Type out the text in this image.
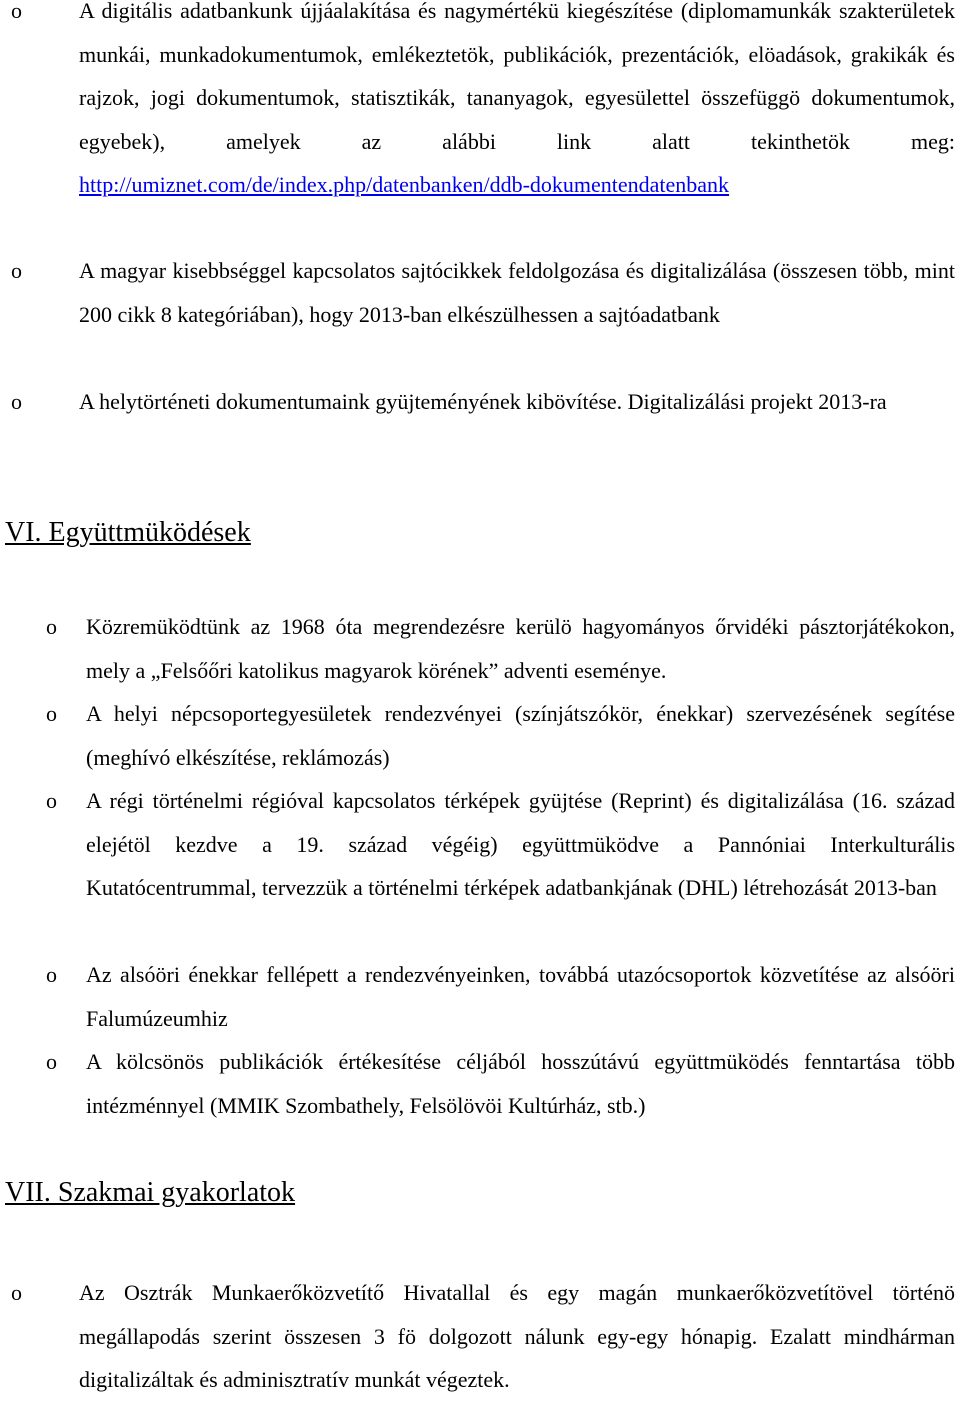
o	A digitális adatbankunk újjáalakítása és nagymértékü kiegészítése (diplomamunkák szakterületek munkái, munkadokumentumok, emlékeztetök, publikációk, prezentációk, elöadások, grakikák és rajzok, jogi dokumentumok, statisztikák, tananyagok, egyesülettel összefüggö dokumentumok, egyebek), amelyek az alábbi link alatt tekinthetök meg: http://umiznet.com/de/index.php/datenbanken/ddb-dokumentendatenbank
o	A magyar kisebbséggel kapcsolatos sajtócikkek feldolgozása és digitalizálása (összesen több, mint 200 cikk 8 kategóriában), hogy 2013-ban elkészülhessen a sajtóadatbank
o	A helytörténeti dokumentumaink gyüjteményének kibövítése. Digitalizálási projekt 2013-ra
VI. Együttmüködések
o Közremüködtünk az 1968 óta megrendezésre kerülö hagyományos őrvidéki pásztorjátékokon, mely a „Felsőőri katolikus magyarok körének” adventi eseménye.
o A helyi népcsoportegyesületek rendezvényei (színjátszókör, énekkar) szervezésének segítése (meghívó elkészítése, reklámozás)
o A régi történelmi régióval kapcsolatos térképek gyüjtése (Reprint) és digitalizálása (16. század elejétöl kezdve a 19. század végéig) együttmüködve a Pannóniai Interkulturális Kutatócentrummal, tervezzük a történelmi térképek adatbankjának (DHL) létrehozását 2013-ban
o Az alsóöri énekkar fellépett a rendezvényeinken, továbbá utazócsoportok közvetítése az alsóöri Falumúzeumhiz
o A kölcsönös publikációk értékesítése céljából hosszútávú együttmüködés fenntartása több intézménnyel (MMIK Szombathely, Felsölövöi Kultúrház, stb.)
VII. Szakmai gyakorlatok
o	Az Osztrák Munkaerőközvetítő Hivatallal és egy magán munkaerőközvetítövel történö megállapodás szerint összesen 3 fö dolgozott nálunk egy-egy hónapig. Ezalatt mindhárman digitalizáltak és adminisztratív munkát végeztek.
